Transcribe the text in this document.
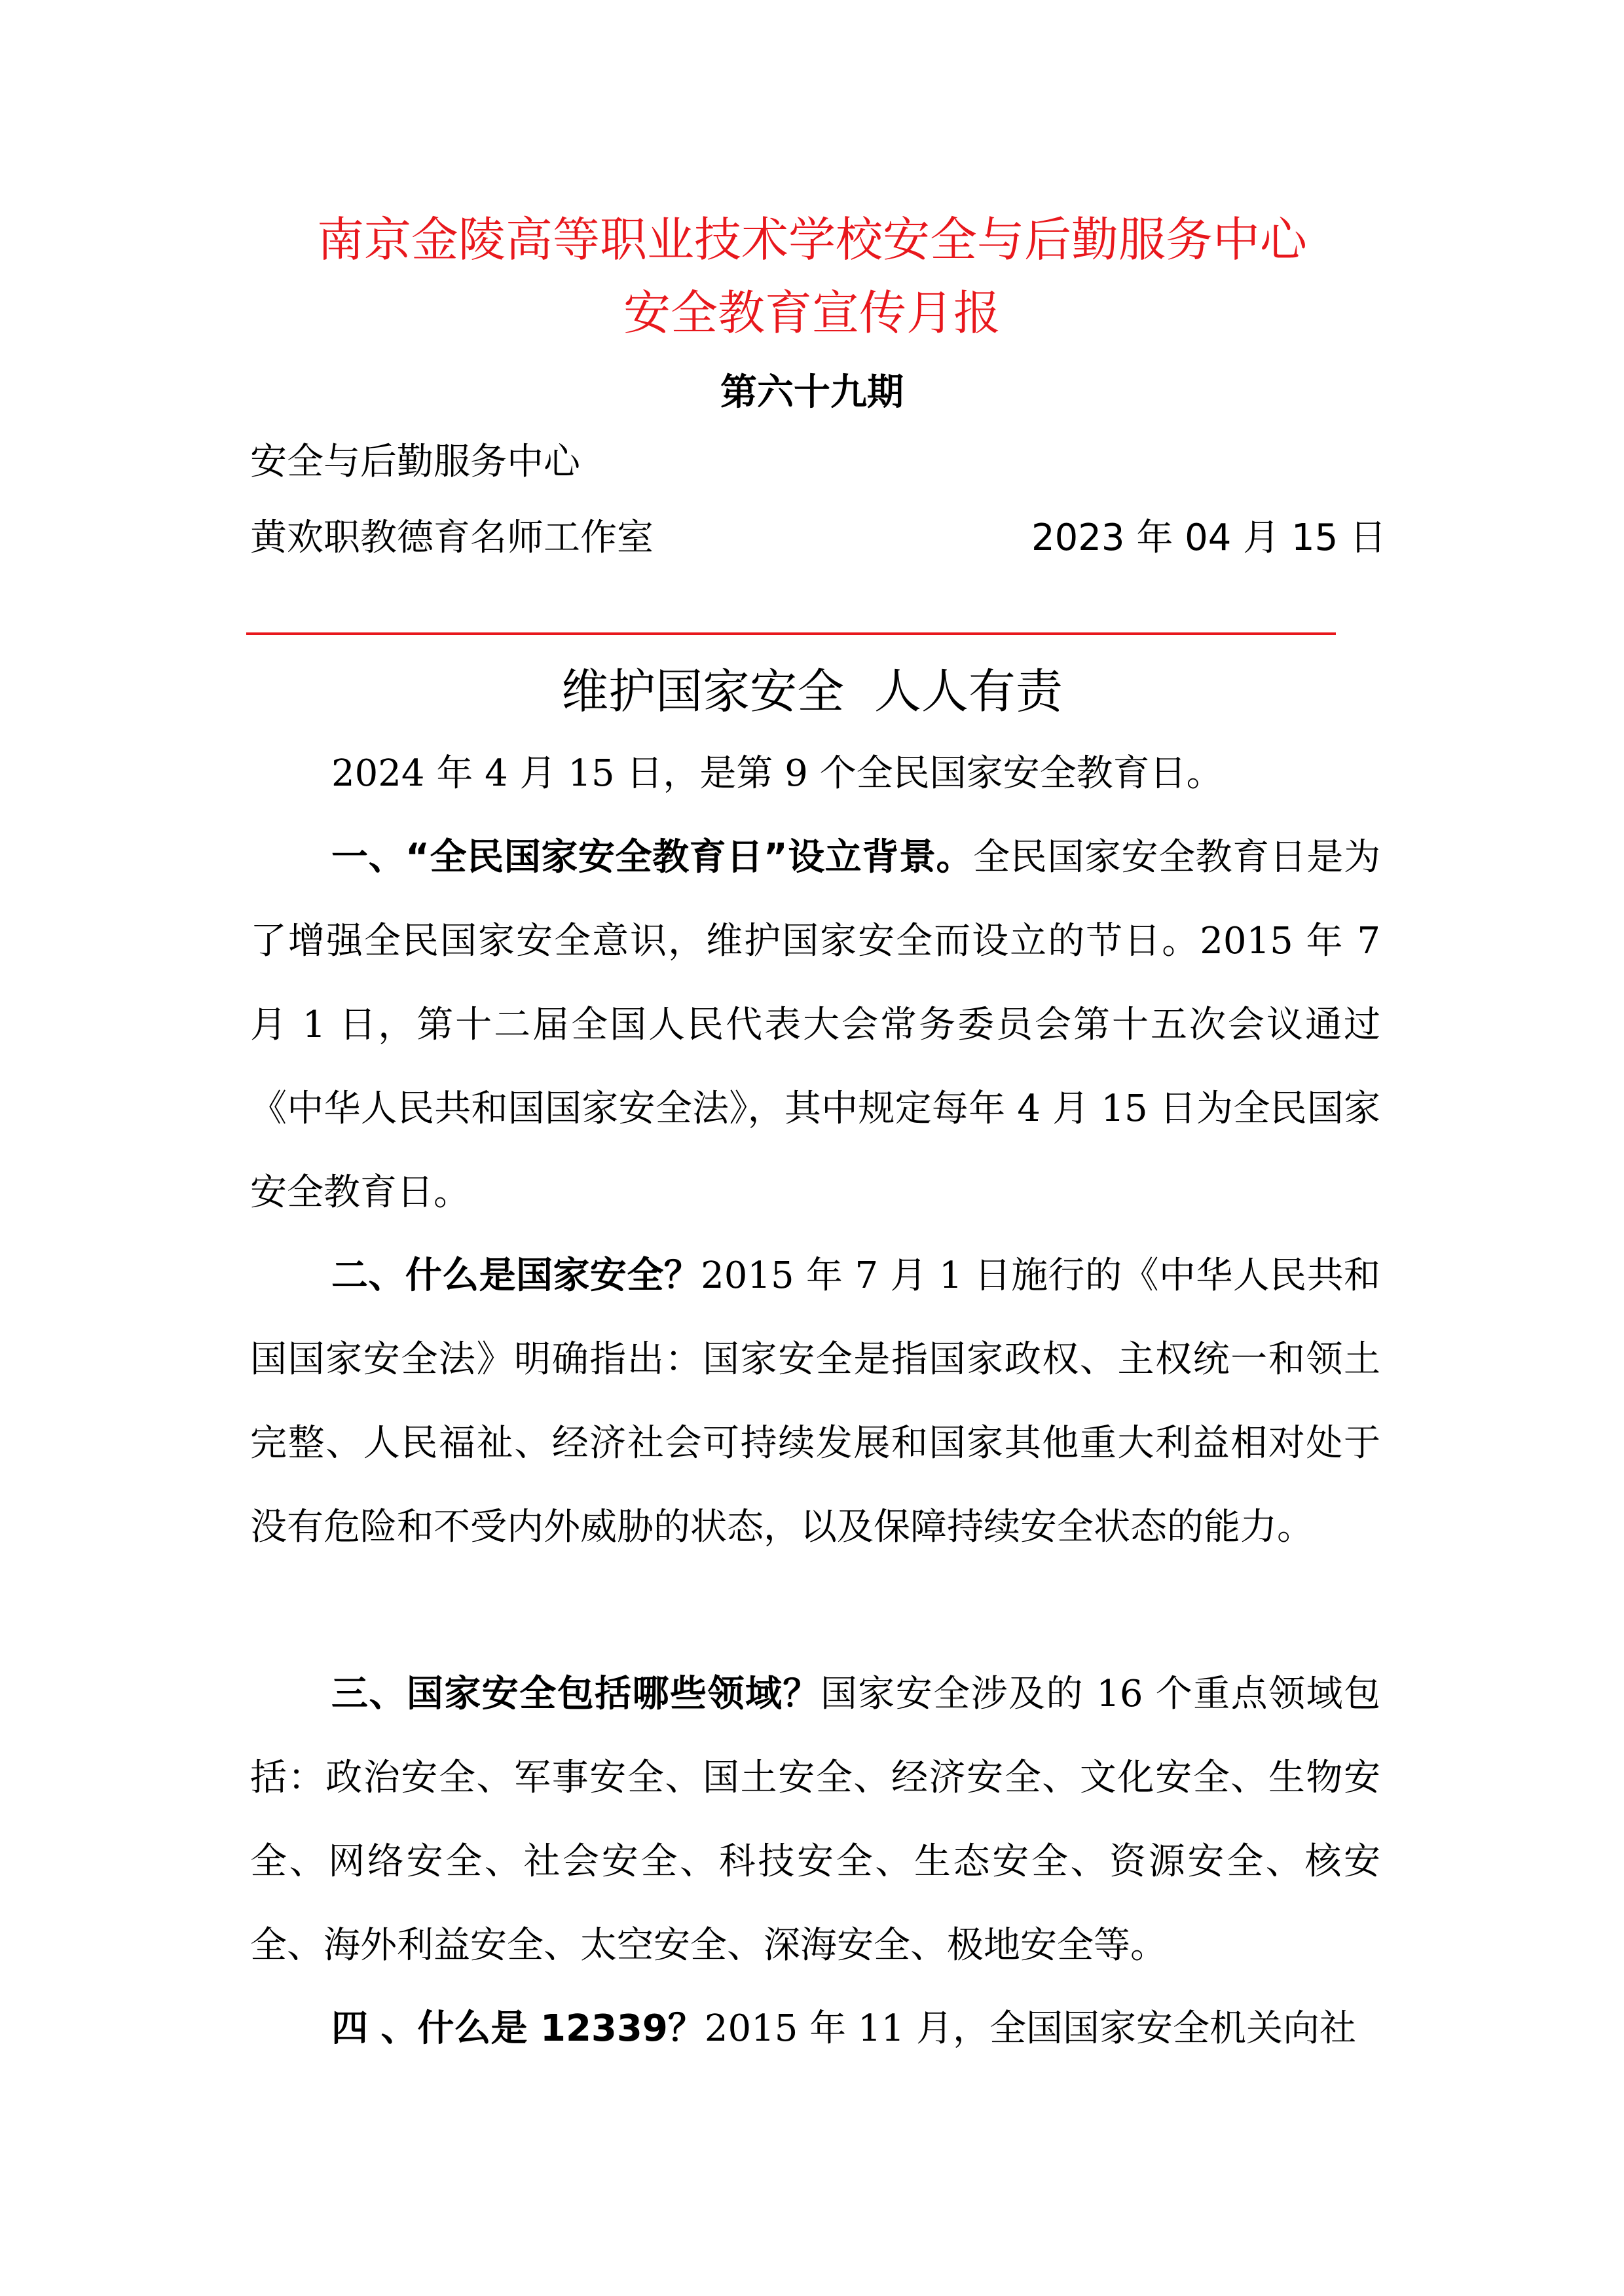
南京金陵高等职业技术学校安全与后勤服务中心
安全教育宣传月报
第六十九期
安全与后勤服务中心
黄欢职教德育名师工作室	2023 年 04 月 15 日
维护国家安全  人人有责

2024 年 4 月 15 日，是第 9 个全民国家安全教育日。

一、“全民国家安全教育日”设立背景。全民国家安全教育日是为了增强全民国家安全意识，维护国家安全而设立的节日。2015 年 7 月 1 日，第十二届全国人民代表大会常务委员会第十五次会议通过《中华人民共和国国家安全法》，其中规定每年 4 月 15 日为全民国家安全教育日。

二、什么是国家安全？2015 年 7 月 1 日施行的《中华人民共和国国家安全法》明确指出：国家安全是指国家政权、主权统一和领土完整、人民福祉、经济社会可持续发展和国家其他重大利益相对处于没有危险和不受内外威胁的状态，以及保障持续安全状态的能力。

三、国家安全包括哪些领域？国家安全涉及的 16 个重点领域包括：政治安全、军事安全、国土安全、经济安全、文化安全、生物安全、网络安全、社会安全、科技安全、生态安全、资源安全、核安全、海外利益安全、太空安全、深海安全、极地安全等。

四 、什么是 12339？2015 年 11 月，全国国家安全机关向社
